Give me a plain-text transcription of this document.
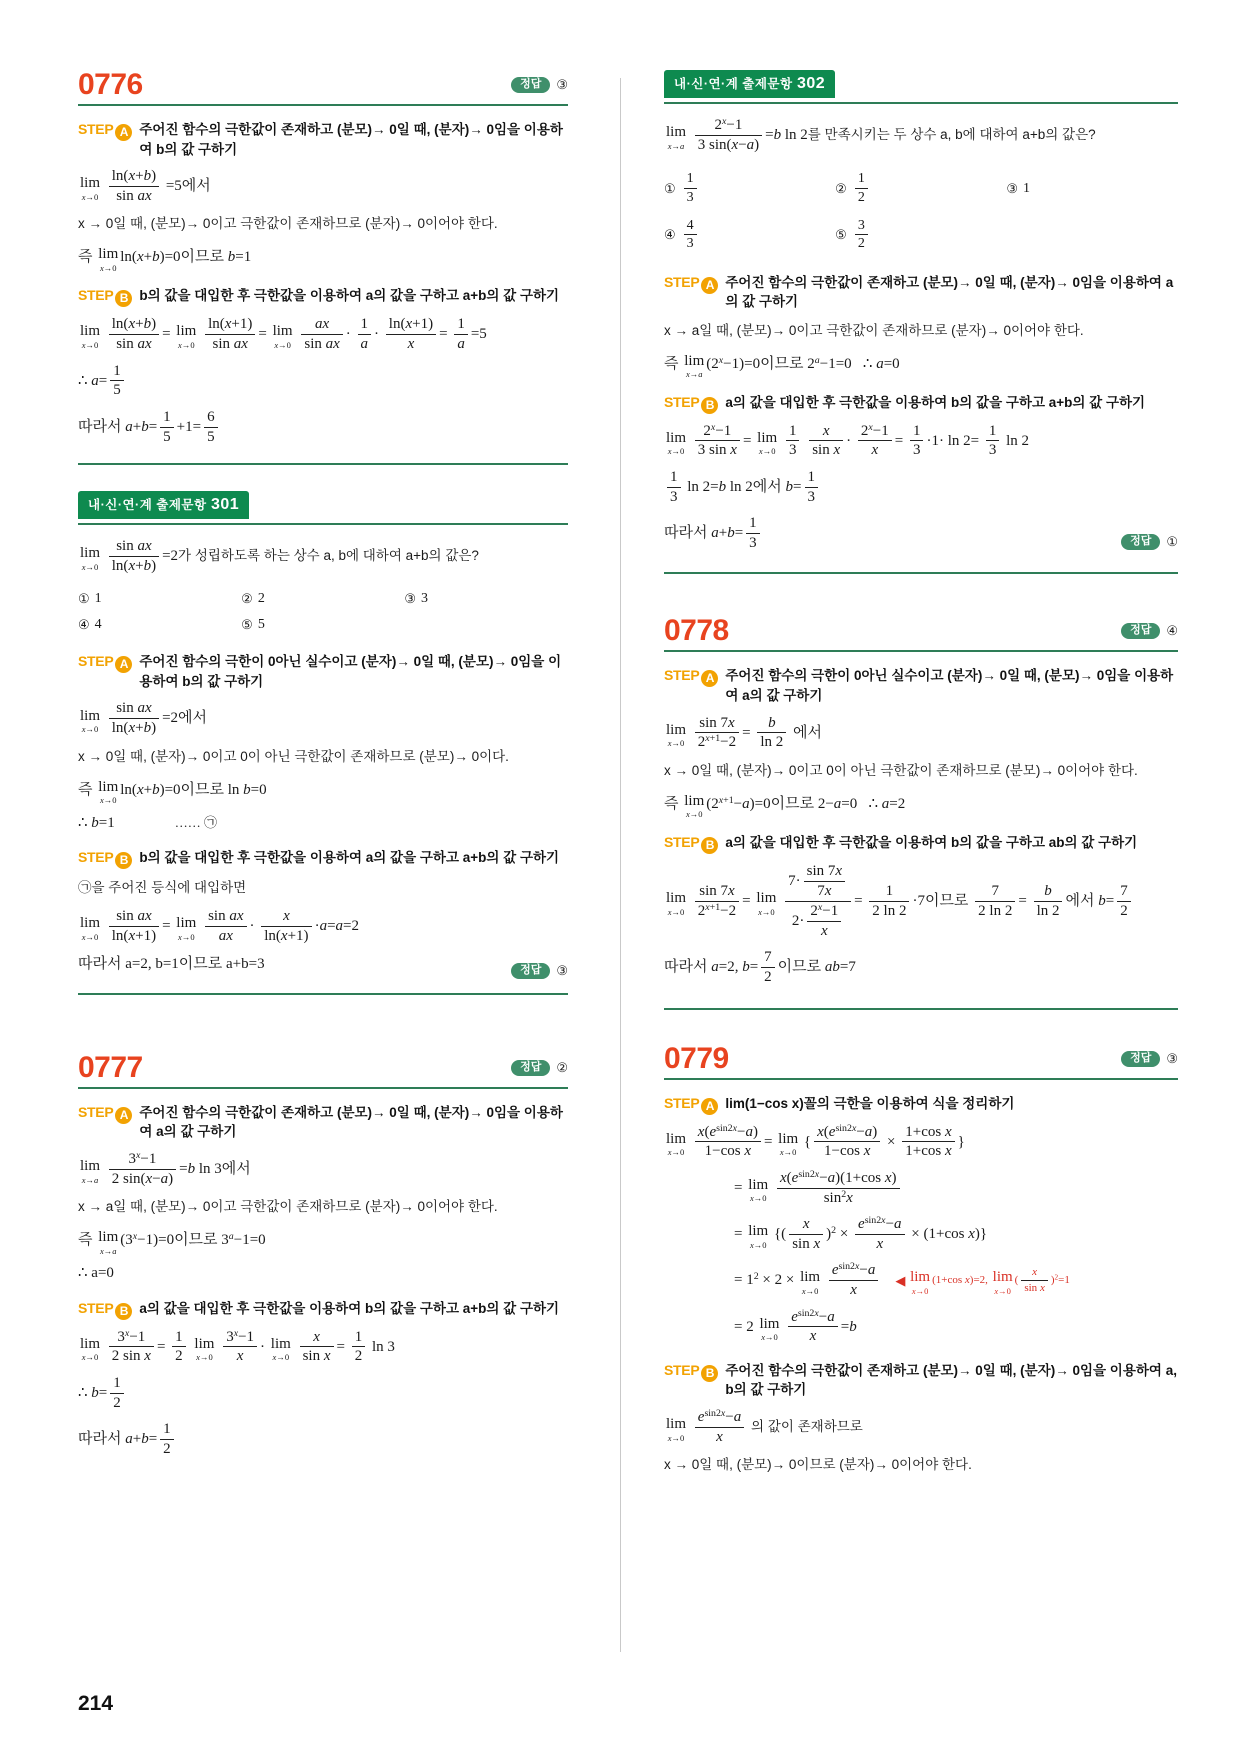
0776	정답	③
STEP A 주어진 함수의 극한값이 존재하고 (분모)→ 0일 때, (분자)→ 0임을 이용하여 b의 값 구하기
lim
x→0
$\frac{\ln(x+b)}{\text{sin ax}} =5$에서
x → 0일 때, (분모)→ 0이고 극한값이 존재하므로 (분자)→ 0이어야 한다.
즉 lim
x→0
ln(x+b)=0이므로 b=1
STEP B b의 값을 대입한 후 극한값을 이용하여 a의 값을 구하고 a+b의 값 구하기
lim
x→0
$\frac{\ln(x+b)}{\text{sin ax}} = \lim$
x→0
$\frac{\ln(x+1)}{\text{sin ax}} = \lim$
x→0
$\frac{ax}{\text{sin ax}} \cdot \frac{1}{a} \cdot \frac{\ln(x+1)}{x} = \frac{1}{a} =5$
∴ $a= \frac{1}{5}$
따라서 $a+b= \frac{1}{5} +1= \frac{6}{5}$
내·신·연·계 출제문항 301
lim
x→0
$\frac{\text{sin ax}}{\ln(x+b)} =2$가 성립하도록 하는 상수 a, b에 대하여 a+b의 값은?
① 1	② 2	③ 3
④ 4	⑤ 5
STEP A 주어진 함수의 극한이 0아닌 실수이고 (분자)→ 0일 때, (분모)→ 0임을 이용하여 b의 값 구하기
lim
x→0
$\frac{\text{sin ax}}{\ln(x+b)} =2$에서
x → 0일 때, (분자)→ 0이고 0이 아닌 극한값이 존재하므로 (분모)→ 0이다.
즉 lim
x→0
ln(x+b)=0이므로 ln b=0
∴ b=1	…… ㉠
STEP B b의 값을 대입한 후 극한값을 이용하여 a의 값을 구하고 a+b의 값 구하기
㉠을 주어진 등식에 대입하면
lim
x→0
$\frac{\text{sin ax}}{\ln(x+1)} = \lim$
x→0
$\frac{\text{sin ax}}{ax} \cdot \frac{x}{\ln(x+1)} \cdot a=a=2$
따라서 a=2, b=1이므로 a+b=3	정답	③
0777	정답	②
STEP A 주어진 함수의 극한값이 존재하고 (분모)→ 0일 때, (분자)→ 0임을 이용하여 a의 값 구하기
lim
x→a
$\frac{3^x-1}{2 \sin(x-a)} =b$ ln 3에서
x → a일 때, (분모)→ 0이고 극한값이 존재하므로 (분자)→ 0이어야 한다.
즉 lim
x→a
$(3^x-1)=0$이므로 $3^a-1=0$
∴ a=0
STEP B a의 값을 대입한 후 극한값을 이용하여 b의 값을 구하고 a+b의 값 구하기
lim
x→0
$\frac{3^x-1}{\text{2 sin x}} = \frac{1}{2}$ lim
x→0
$\frac{3^x-1}{x} \cdot \lim$
x→0
$\frac{x}{\text{sin x}} = \frac{1}{2}$ ln 3
∴ $b= \frac{1}{2}$
따라서 $a+b= \frac{1}{2}$
내·신·연·계 출제문항 302
lim
x→a
$\frac{2^x-1}{3 \sin(x-a)} =b$ ln 2를 만족시키는 두 상수 a, b에 대하여 a+b의 값은?
① $\frac{1}{3}$	② $\frac{1}{2}$	③ 1
④ $\frac{4}{3}$	⑤ $\frac{3}{2}$
STEP A 주어진 함수의 극한값이 존재하고 (분모)→ 0일 때, (분자)→ 0임을 이용하여 a의 값 구하기
x → a일 때, (분모)→ 0이고 극한값이 존재하므로 (분자)→ 0이어야 한다.
즉 lim
x→a
$(2^x-1)=0$이므로 $2^a-1=0$   ∴ a=0
STEP B a의 값을 대입한 후 극한값을 이용하여 b의 값을 구하고 a+b의 값 구하기
lim
x→0
$\frac{2^x-1}{\text{3 sin x}} = \lim$
x→0
$\frac{1}{3}$
$\frac{x}{\text{sin x}} \cdot \frac{2^x-1}{x} = \frac{1}{3} \cdot 1\cdot \ln 2= \frac{1}{3}$ ln 2
$\frac{1}{3}$ ln 2=b ln 2에서 $b= \frac{1}{3}$
따라서 $a+b= \frac{1}{3}$	정답	①
0778	정답	④
STEP A 주어진 함수의 극한이 0아닌 실수이고 (분자)→ 0일 때, (분모)→ 0임을 이용하여 a의 값 구하기
lim
x→0
$\frac{\sin 7x}{2^{x+1}-2} = \frac{b}{\ln 2}$ 에서
x → 0일 때, (분자)→ 0이고 0이 아닌 극한값이 존재하므로 (분모)→ 0이어야 한다.
즉 lim
x→0
$(2^{x+1}-a)=0$이므로 2−a=0   ∴ a=2
STEP B a의 값을 대입한 후 극한값을 이용하여 b의 값을 구하고 ab의 값 구하기
lim
x→0
$\frac{\sin 7x}{2^{x+1}-2} = \lim$
x→0
$\frac{7\cdot \frac{\sin 7x}{7x}}{2\cdot \frac{2^x-1}{x}} = \frac{1}{2 \ln 2} \cdot 7$이므로 $\frac{7}{2 \ln 2} = \frac{b}{\ln 2}$ 에서 $b= \frac{7}{2}$
따라서 a=2, $b= \frac{7}{2}$ 이므로 ab=7
0779	정답	③
STEP A lim(1−cos x)꼴의 극한을 이용하여 식을 정리하기
lim
x→0
$\frac{x(e^{sin2x}-a)}{\text{1−cos x}} = \lim$
x→0
{ $\frac{x(e^{sin2x}-a)}{\text{1−cos x}} \times \frac{\text{1+cos x}}{\text{1+cos x}}$ }
= lim
x→0
$\frac{x(e^{sin2x}-a)(1+\cos x)}{\sin^2x}$
= lim
x→0
{( $\frac{x}{\text{sin x}} )^2 \times \frac{e^{sin2x}-a}{x} \times (1+\cos$ x)}
= $1^2 \times 2 \times \lim$
x→0
$\frac{e^{sin2x}-a}{x}$ ◀ lim
x→0
(1+cos x)=2, lim
x→0
( $\frac{x}{\text{sin x}} )^2=1$
= 2 lim
x→0
$\frac{e^{sin2x}-a}{x} =b$
STEP B 주어진 함수의 극한값이 존재하고 (분모)→ 0일 때, (분자)→ 0임을 이용하여 a, b의 값 구하기
lim
x→0
$\frac{e^{sin2x}-a}{x}$ 의 값이 존재하므로
x → 0일 때, (분모)→ 0이므로 (분자)→ 0이어야 한다.
214
